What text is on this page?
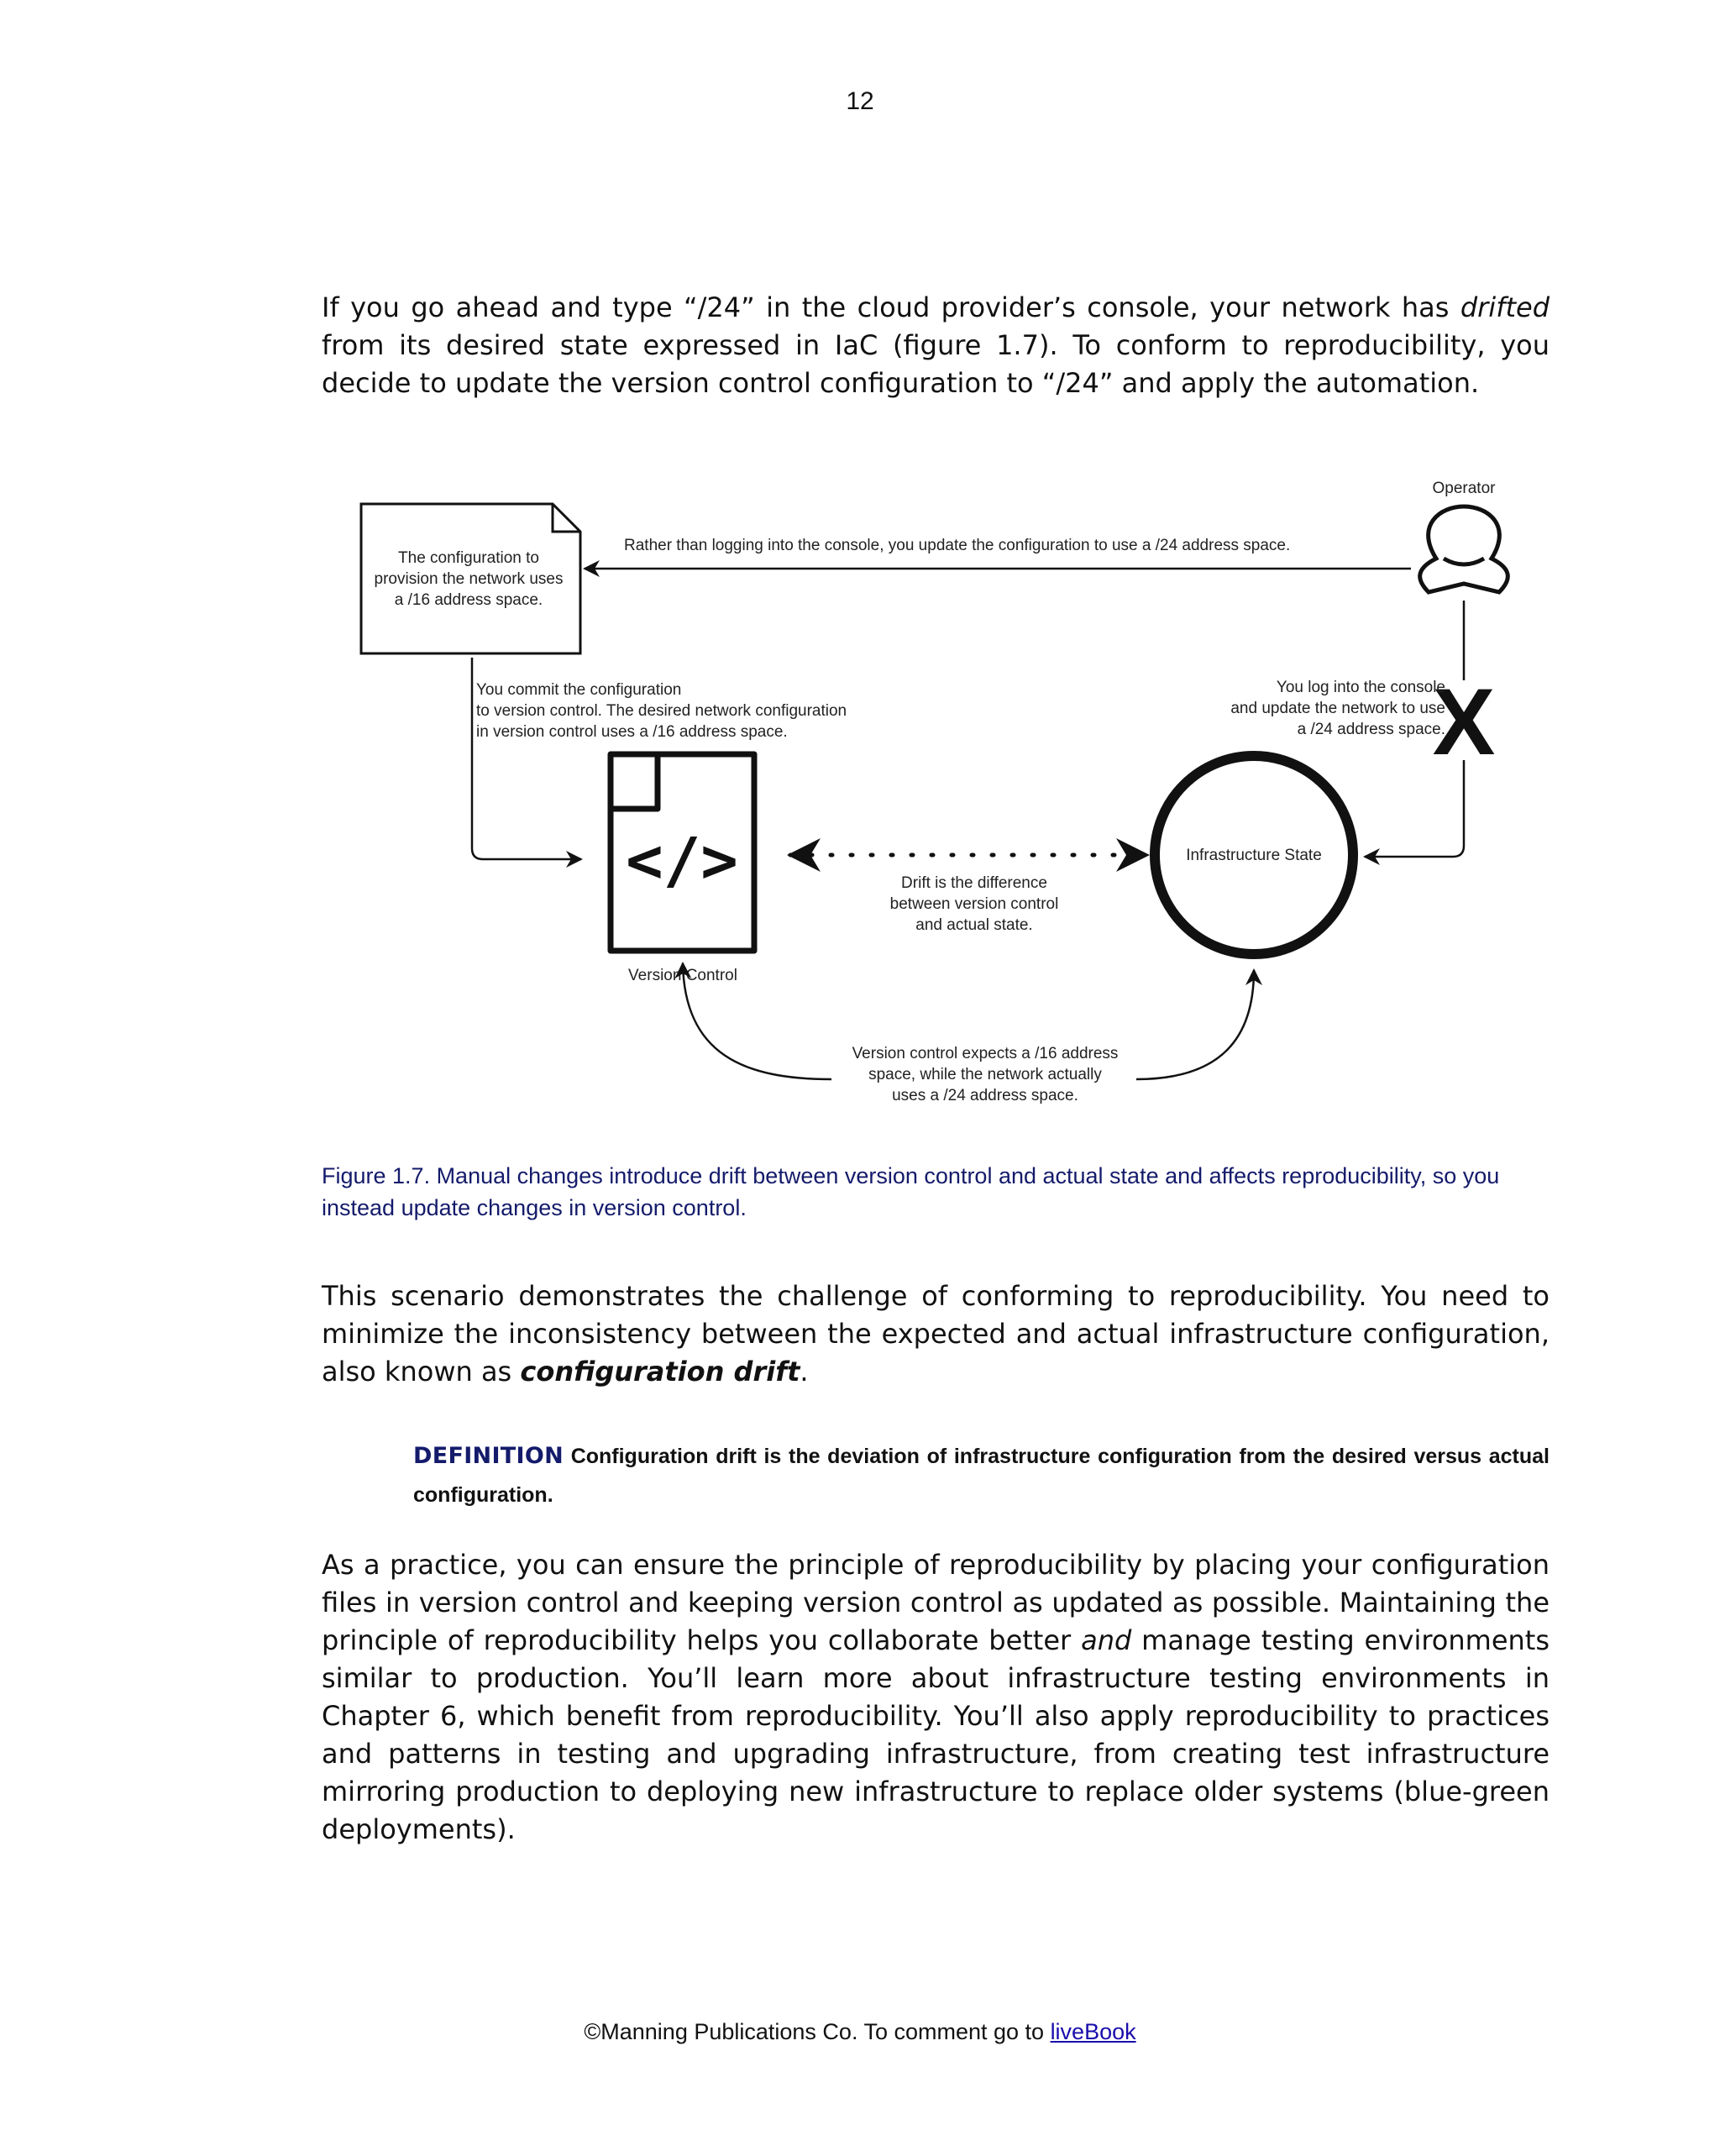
12

If you go ahead and type “/24” in the cloud provider’s console, your network has drifted from its desired state expressed in IaC (figure 1.7). To conform to reproducibility, you decide to update the version control configuration to “/24” and apply the automation.

Operator
The configuration to
provision the network uses
a /16 address space.
Rather than logging into the console, you update the configuration to use a /24 address space.
You commit the configuration
to version control. The desired network configuration
in version control uses a /16 address space.
</>
Version Control
Drift is the difference
between version control
and actual state.
Infrastructure State
X
You log into the console
and update the network to use
a /24 address space.
Version control expects a /16 address
space, while the network actually
uses a /24 address space.

Figure 1.7. Manual changes introduce drift between version control and actual state and affects reproducibility, so you instead update changes in version control.

This scenario demonstrates the challenge of conforming to reproducibility. You need to minimize the inconsistency between the expected and actual infrastructure configuration, also known as configuration drift.

DEFINITION Configuration drift is the deviation of infrastructure configuration from the desired versus actual configuration.

As a practice, you can ensure the principle of reproducibility by placing your configuration files in version control and keeping version control as updated as possible. Maintaining the principle of reproducibility helps you collaborate better and manage testing environments similar to production. You’ll learn more about infrastructure testing environments in Chapter 6, which benefit from reproducibility. You’ll also apply reproducibility to practices and patterns in testing and upgrading infrastructure, from creating test infrastructure mirroring production to deploying new infrastructure to replace older systems (blue-green deployments).

©Manning Publications Co. To comment go to liveBook
